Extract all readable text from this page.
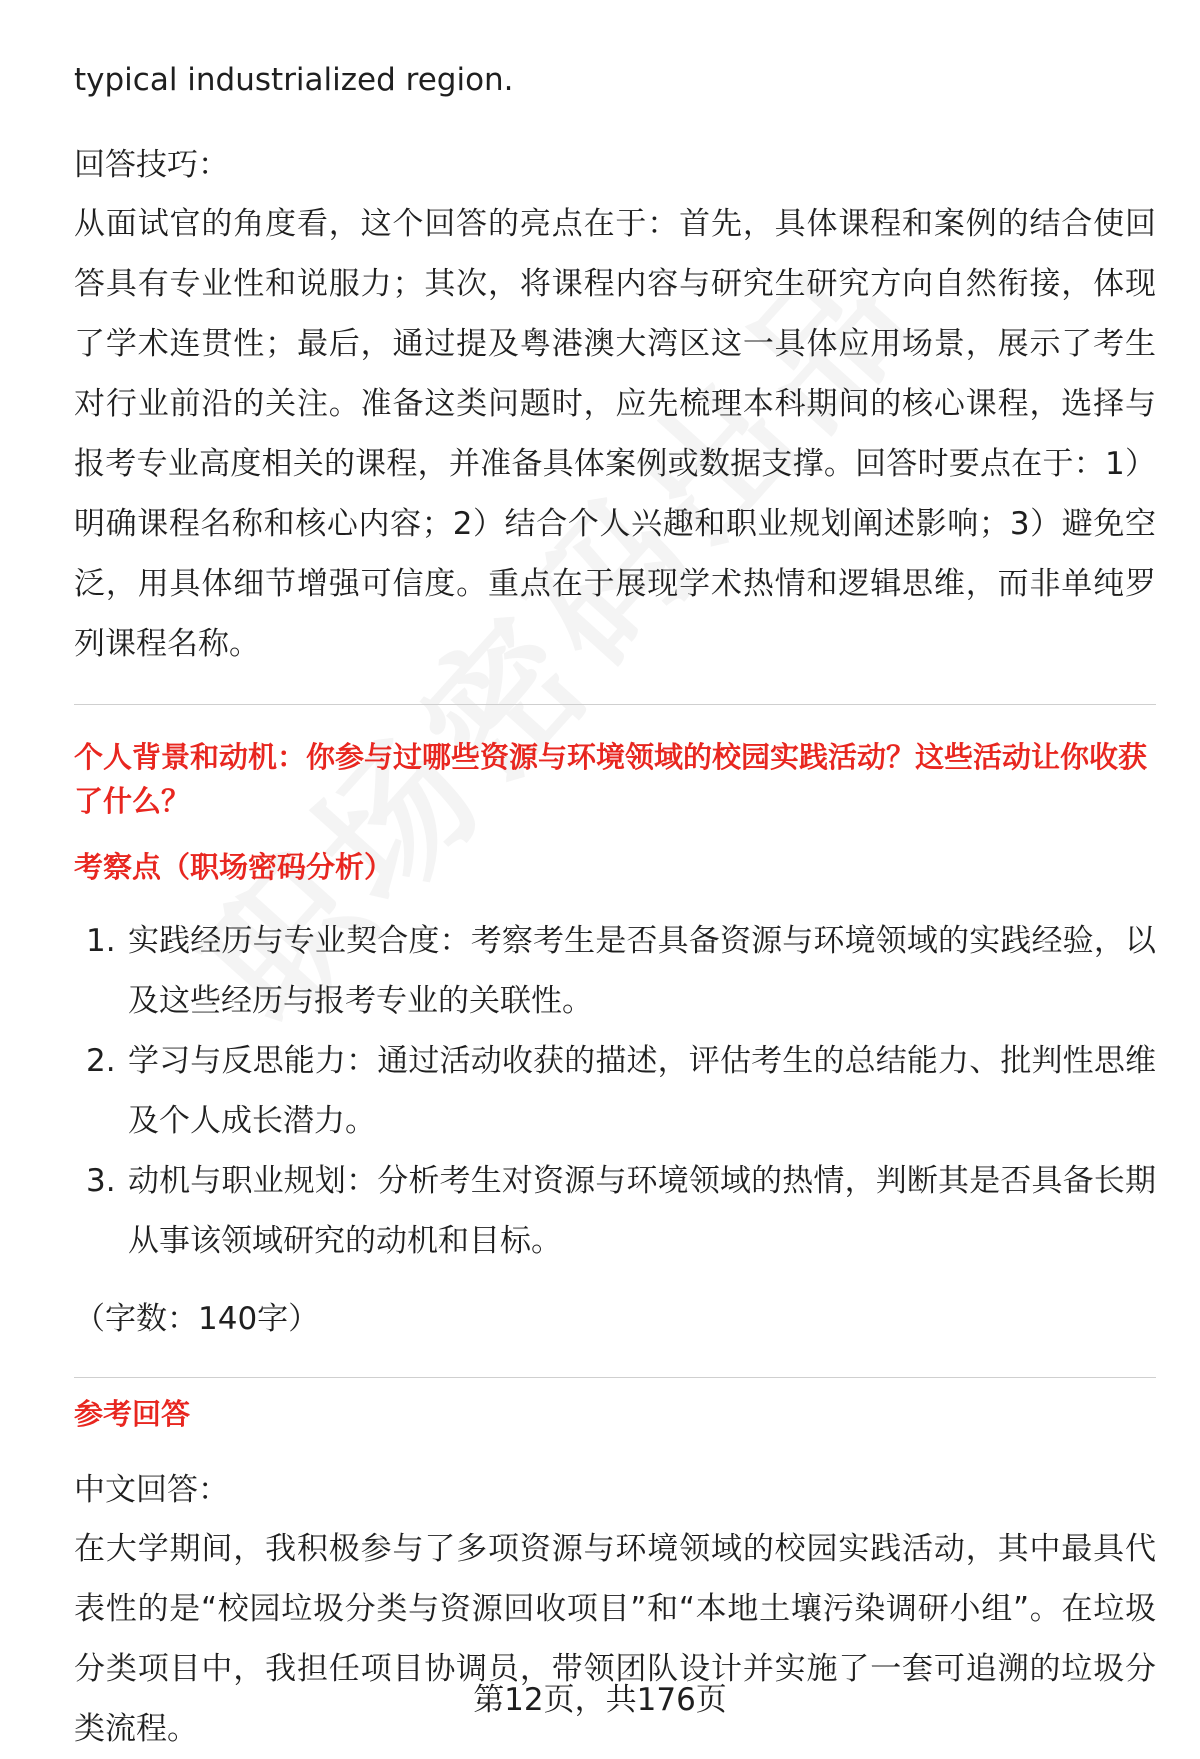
typical industrialized region.

回答技巧：

从面试官的角度看，这个回答的亮点在于：首先，具体课程和案例的结合使回答具有专业性和说服力；其次，将课程内容与研究生研究方向自然衔接，体现了学术连贯性；最后，通过提及粤港澳大湾区这一具体应用场景，展示了考生对行业前沿的关注。准备这类问题时，应先梳理本科期间的核心课程，选择与报考专业高度相关的课程，并准备具体案例或数据支撑。回答时要点在于：1）明确课程名称和核心内容；2）结合个人兴趣和职业规划阐述影响；3）避免空泛，用具体细节增强可信度。重点在于展现学术热情和逻辑思维，而非单纯罗列课程名称。

个人背景和动机：你参与过哪些资源与环境领域的校园实践活动？这些活动让你收获了什么？

考察点（职场密码分析）

1. 实践经历与专业契合度：考察考生是否具备资源与环境领域的实践经验，以及这些经历与报考专业的关联性。
2. 学习与反思能力：通过活动收获的描述，评估考生的总结能力、批判性思维及个人成长潜力。
3. 动机与职业规划：分析考生对资源与环境领域的热情，判断其是否具备长期从事该领域研究的动机和目标。

（字数：140字）

参考回答

中文回答：

在大学期间，我积极参与了多项资源与环境领域的校园实践活动，其中最具代表性的是“校园垃圾分类与资源回收项目”和“本地土壤污染调研小组”。在垃圾分类项目中，我担任项目协调员，带领团队设计并实施了一套可追溯的垃圾分类流程。

第12页，共176页
